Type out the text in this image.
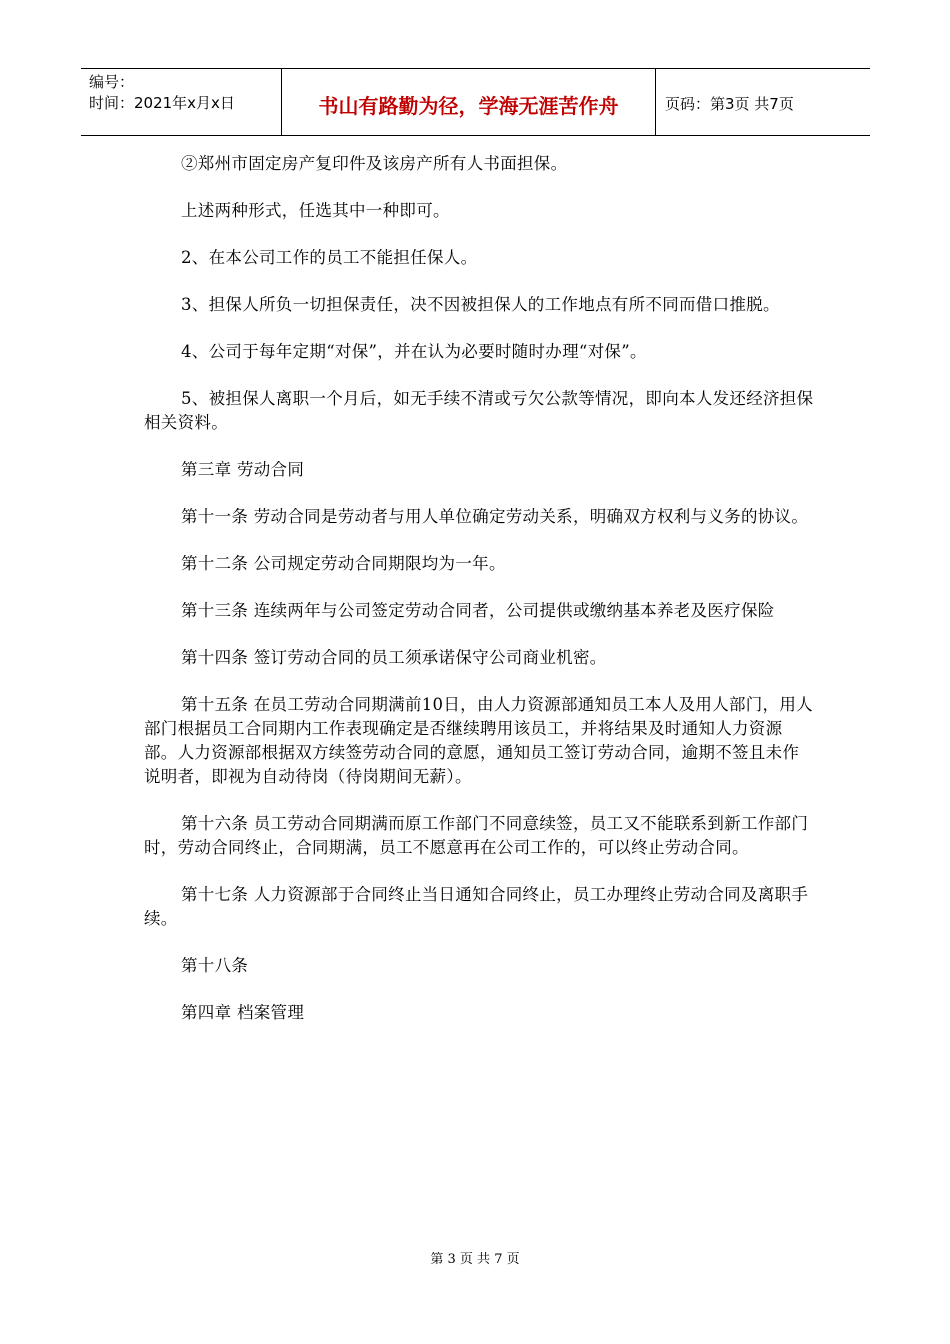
编号：
时间：2021年x月x日	书山有路勤为径，学海无涯苦作舟	页码：第3页 共7页

②郑州市固定房产复印件及该房产所有人书面担保。

上述两种形式，任选其中一种即可。

2、在本公司工作的员工不能担任保人。

3、担保人所负一切担保责任，决不因被担保人的工作地点有所不同而借口推脱。

4、公司于每年定期“对保”，并在认为必要时随时办理“对保”。

5、被担保人离职一个月后，如无手续不清或亏欠公款等情况，即向本人发还经济担保相关资料。

第三章 劳动合同

第十一条 劳动合同是劳动者与用人单位确定劳动关系，明确双方权利与义务的协议。

第十二条 公司规定劳动合同期限均为一年。

第十三条 连续两年与公司签定劳动合同者，公司提供或缴纳基本养老及医疗保险

第十四条 签订劳动合同的员工须承诺保守公司商业机密。

第十五条 在员工劳动合同期满前10日，由人力资源部通知员工本人及用人部门，用人部门根据员工合同期内工作表现确定是否继续聘用该员工，并将结果及时通知人力资源部。人力资源部根据双方续签劳动合同的意愿，通知员工签订劳动合同，逾期不签且未作说明者，即视为自动待岗（待岗期间无薪）。

第十六条 员工劳动合同期满而原工作部门不同意续签，员工又不能联系到新工作部门时，劳动合同终止，合同期满，员工不愿意再在公司工作的，可以终止劳动合同。

第十七条 人力资源部于合同终止当日通知合同终止，员工办理终止劳动合同及离职手续。

第十八条

第四章 档案管理

第 3 页 共 7 页
